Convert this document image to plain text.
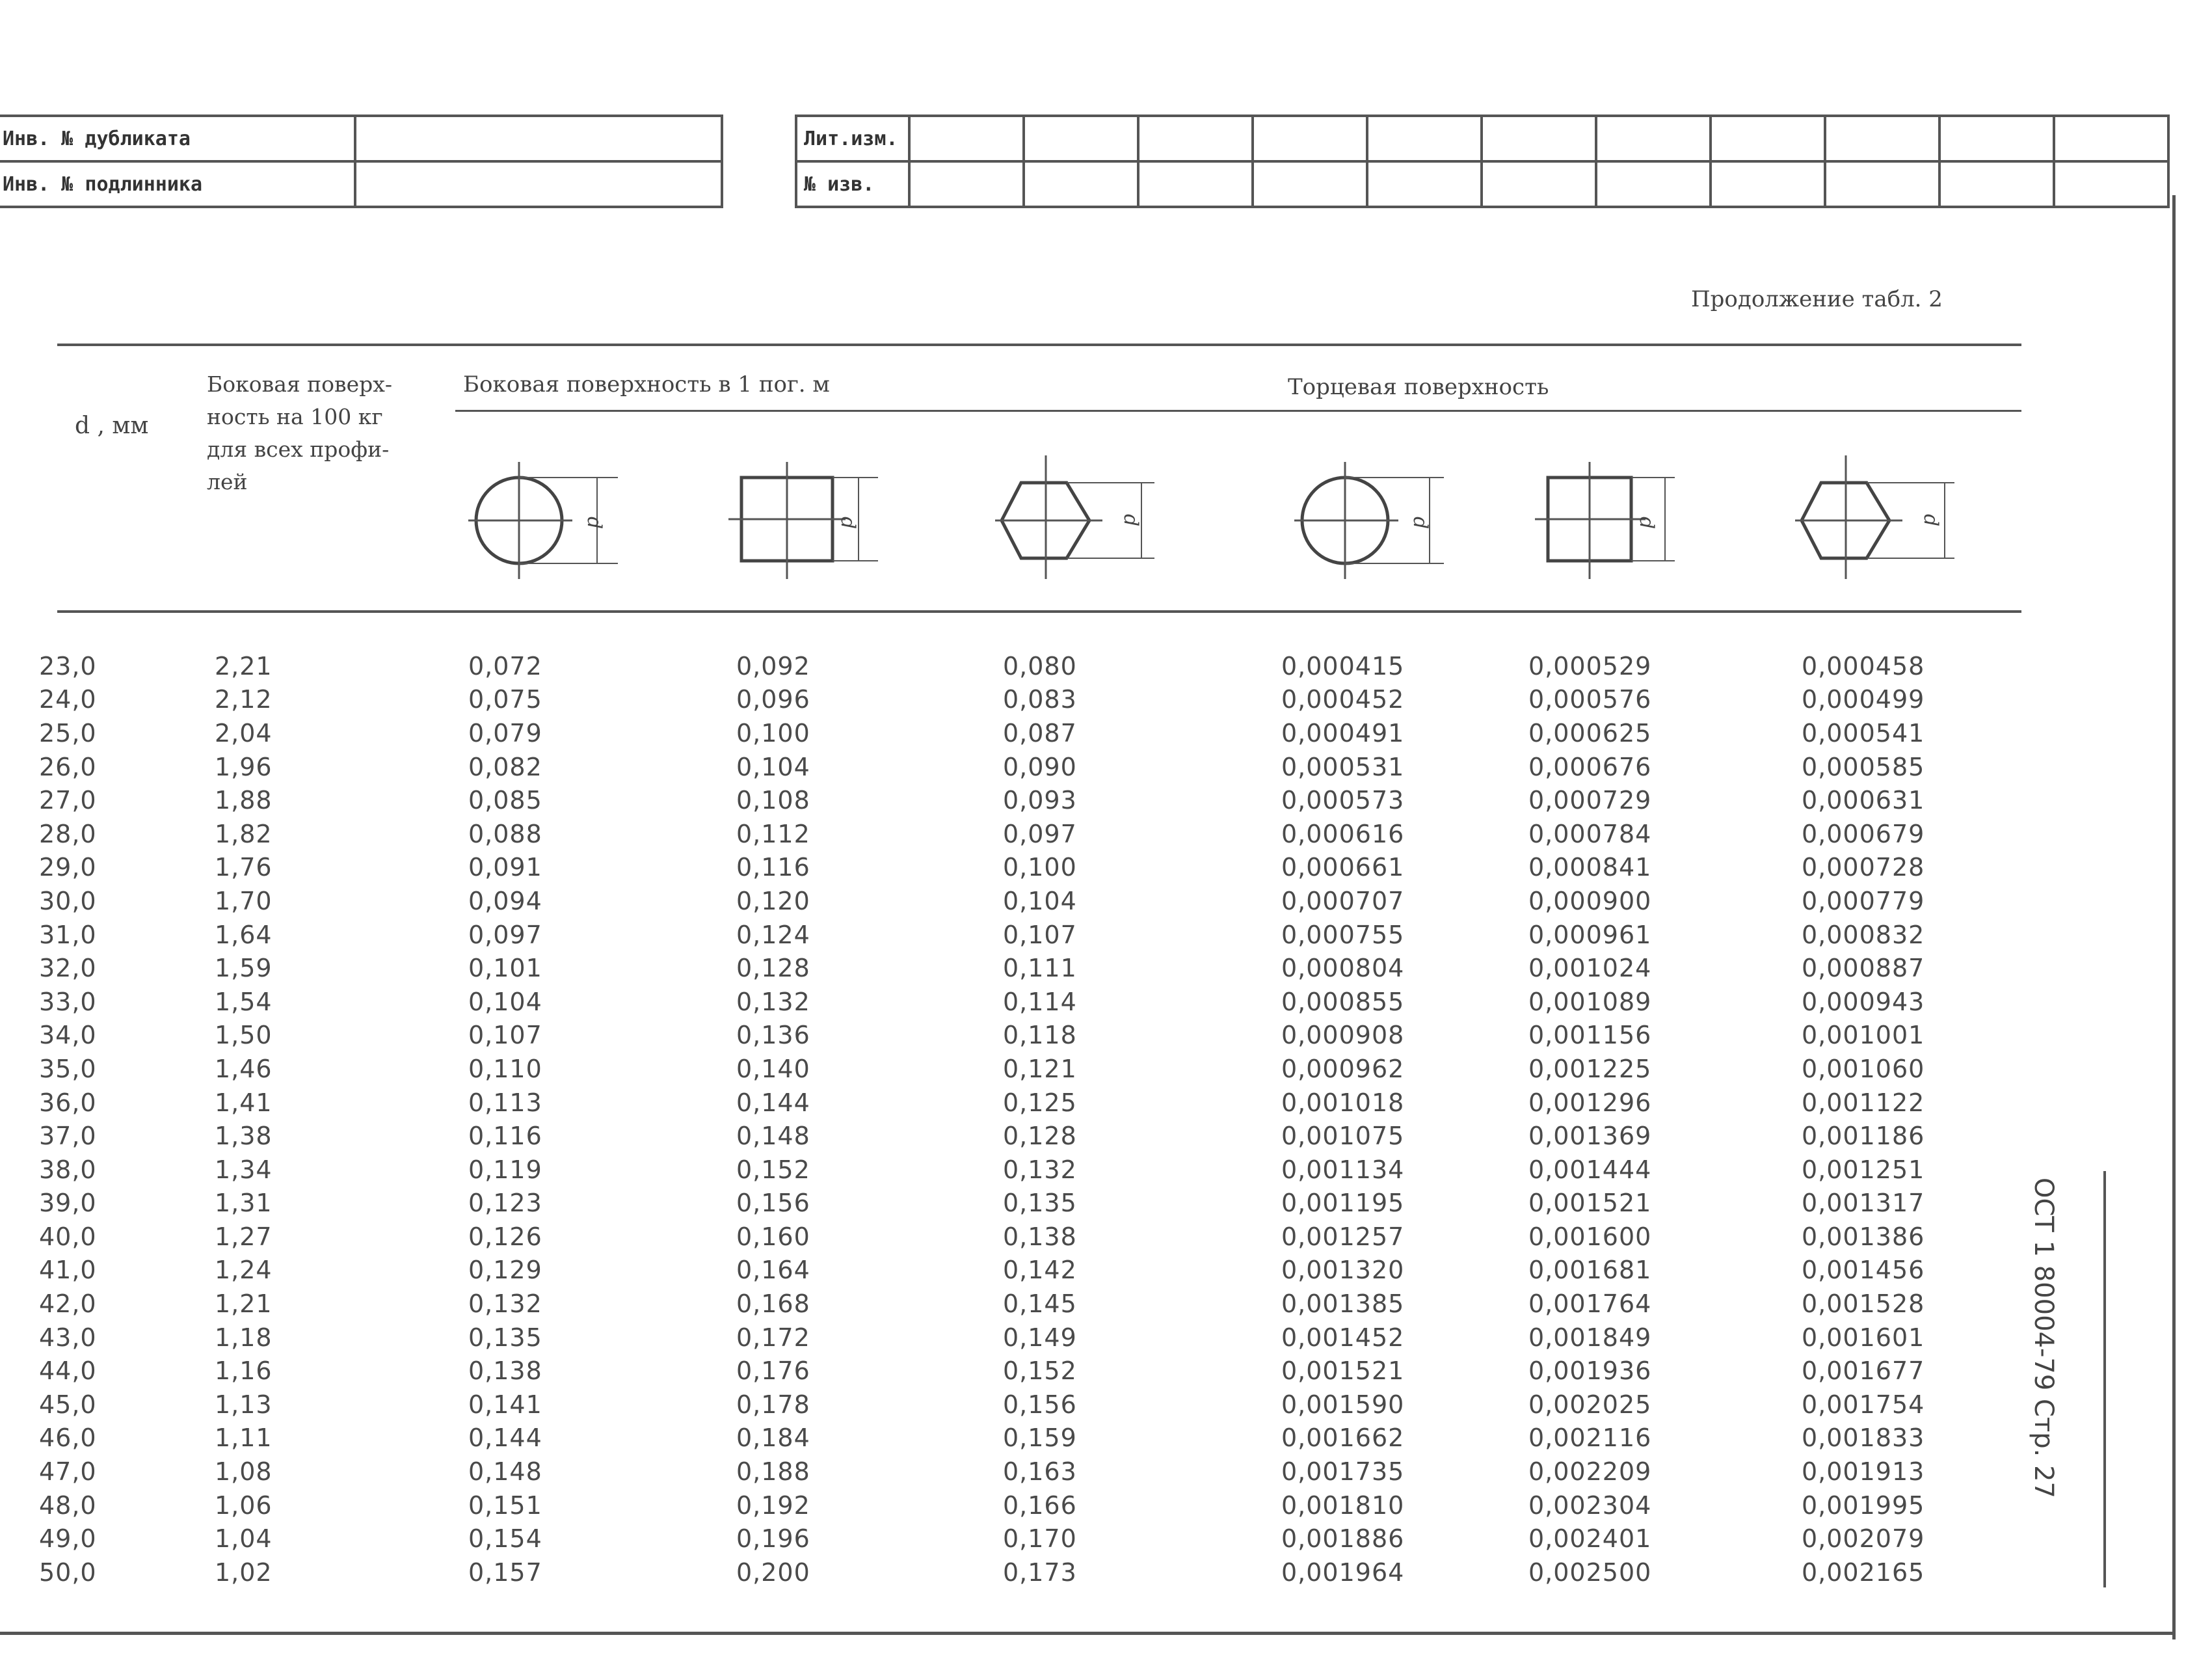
Инв. № дубликата	
Инв. № подлинника	
Лит.изм.											
№ изв.											
Продолжение табл. 2
d , мм
Боковая поверх-
ность на 100 кг
для всех профи-
лей
Боковая поверхность в 1 пог. м	Торцевая поверхность
d	d	d	d	d	d
23,0	2,21	0,072	0,092	0,080	0,000415	0,000529	0,000458
24,0	2,12	0,075	0,096	0,083	0,000452	0,000576	0,000499
25,0	2,04	0,079	0,100	0,087	0,000491	0,000625	0,000541
26,0	1,96	0,082	0,104	0,090	0,000531	0,000676	0,000585
27,0	1,88	0,085	0,108	0,093	0,000573	0,000729	0,000631
28,0	1,82	0,088	0,112	0,097	0,000616	0,000784	0,000679
29,0	1,76	0,091	0,116	0,100	0,000661	0,000841	0,000728
30,0	1,70	0,094	0,120	0,104	0,000707	0,000900	0,000779
31,0	1,64	0,097	0,124	0,107	0,000755	0,000961	0,000832
32,0	1,59	0,101	0,128	0,111	0,000804	0,001024	0,000887
33,0	1,54	0,104	0,132	0,114	0,000855	0,001089	0,000943
34,0	1,50	0,107	0,136	0,118	0,000908	0,001156	0,001001
35,0	1,46	0,110	0,140	0,121	0,000962	0,001225	0,001060
36,0	1,41	0,113	0,144	0,125	0,001018	0,001296	0,001122
37,0	1,38	0,116	0,148	0,128	0,001075	0,001369	0,001186
38,0	1,34	0,119	0,152	0,132	0,001134	0,001444	0,001251
39,0	1,31	0,123	0,156	0,135	0,001195	0,001521	0,001317
40,0	1,27	0,126	0,160	0,138	0,001257	0,001600	0,001386
41,0	1,24	0,129	0,164	0,142	0,001320	0,001681	0,001456
42,0	1,21	0,132	0,168	0,145	0,001385	0,001764	0,001528
43,0	1,18	0,135	0,172	0,149	0,001452	0,001849	0,001601
44,0	1,16	0,138	0,176	0,152	0,001521	0,001936	0,001677
45,0	1,13	0,141	0,178	0,156	0,001590	0,002025	0,001754
46,0	1,11	0,144	0,184	0,159	0,001662	0,002116	0,001833
47,0	1,08	0,148	0,188	0,163	0,001735	0,002209	0,001913
48,0	1,06	0,151	0,192	0,166	0,001810	0,002304	0,001995
49,0	1,04	0,154	0,196	0,170	0,001886	0,002401	0,002079
50,0	1,02	0,157	0,200	0,173	0,001964	0,002500	0,002165
ОСТ 1 80004-79 Стр. 27
